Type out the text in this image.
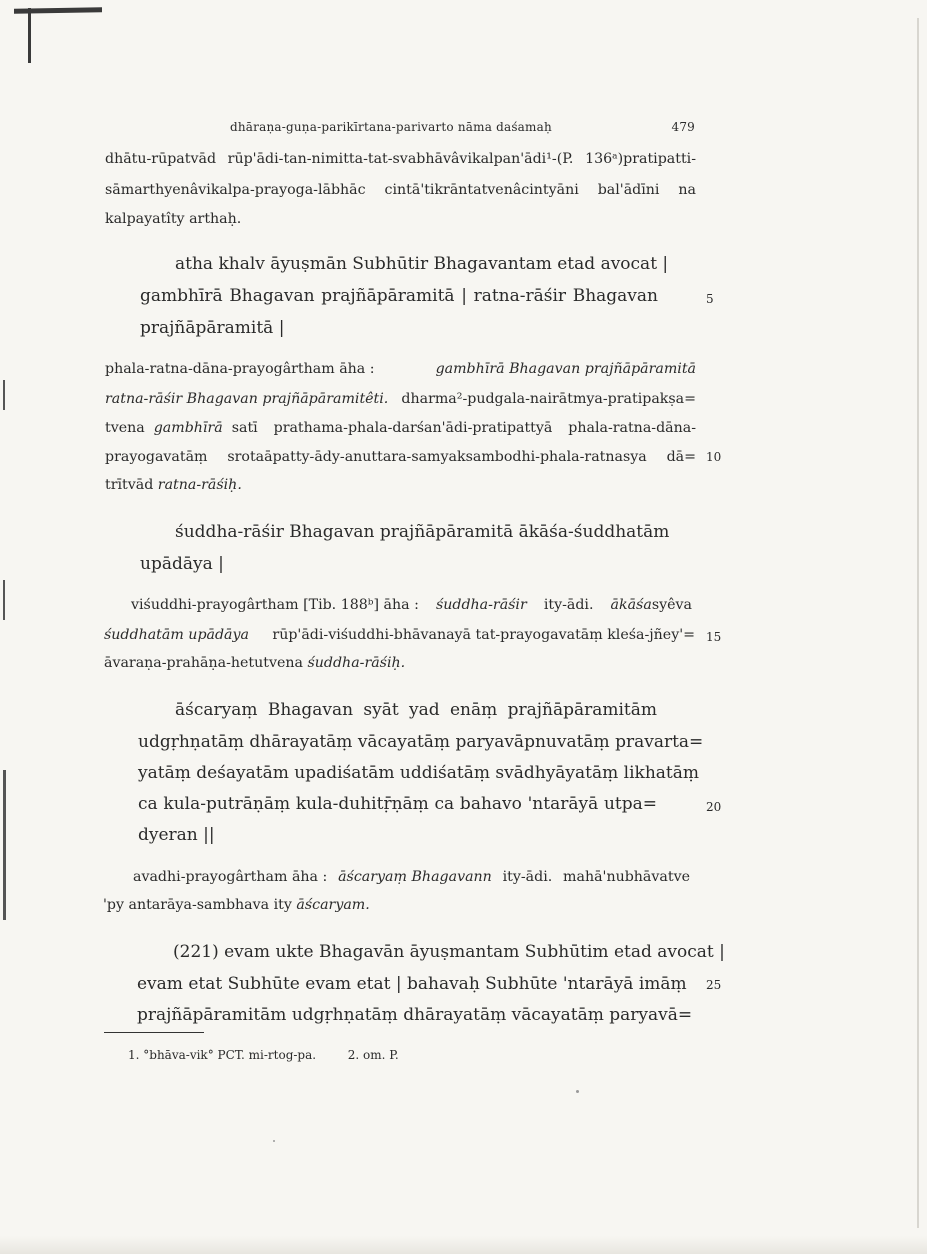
dhāraṇa-guṇa-parikīrtana-parivarto nāma daśamaḥ	479
dhātu-rūpatvād rūp'ādi-tan-nimitta-tat-svabhāvâvikalpan'ādi¹-(P. 136ᵃ)pratipatti-
sāmarthyenâvikalpa-prayoga-lābhāc cintā'tikrāntatvenâcintyāni bal'ādīni na
kalpayatîty arthaḥ.
atha khalv āyuṣmān Subhūtir Bhagavantam etad avocat |
gambhīrā Bhagavan prajñāpāramitā | ratna-rāśir Bhagavan
prajñāpāramitā |
5
phala-ratna-dāna-prayogârtham āha :	gambhīrā Bhagavan prajñāpāramitā
ratna-rāśir Bhagavan prajñāpāramitêti. dharma²-pudgala-nairātmya-pratipakṣa=
tvena gambhīrā satī prathama-phala-darśan'ādi-pratipattyā phala-ratna-dāna-
prayogavatāṃ srotaāpatty-ādy-anuttara-samyaksambodhi-phala-ratnasya dā=
trītvād ratna-rāśiḥ.
10
śuddha-rāśir Bhagavan prajñāpāramitā ākāśa-śuddhatām
upādāya |
viśuddhi-prayogârtham [Tib. 188ᵇ] āha : śuddha-rāśir ity-ādi. ākāśasyêva
śuddhatām upādāya rūp'ādi-viśuddhi-bhāvanayā tat-prayogavatāṃ kleśa-jñey'=
āvaraṇa-prahāṇa-hetutvena śuddha-rāśiḥ.
15
āścaryaṃ Bhagavan syāt yad enāṃ prajñāpāramitām
udgṛhṇatāṃ dhārayatāṃ vācayatāṃ paryavāpnuvatāṃ pravarta=
yatāṃ deśayatām upadiśatām uddiśatāṃ svādhyāyatāṃ likhatāṃ
ca kula-putrāṇāṃ kula-duhitṝṇāṃ ca bahavo 'ntarāyā utpa=
dyeran ||
20
avadhi-prayogârtham āha : āścaryaṃ Bhagavann ity-ādi. mahā'nubhāvatve
'py antarāya-sambhava ity āścaryam.
(221) evam ukte Bhagavān āyuṣmantam Subhūtim etad avocat |
evam etat Subhūte evam etat | bahavaḥ Subhūte 'ntarāyā imāṃ
prajñāpāramitām udgṛhṇatāṃ dhārayatāṃ vācayatāṃ paryavā=
25
1. °bhāva-vik° PCT. mi-rtog-pa.	2. om. P.
